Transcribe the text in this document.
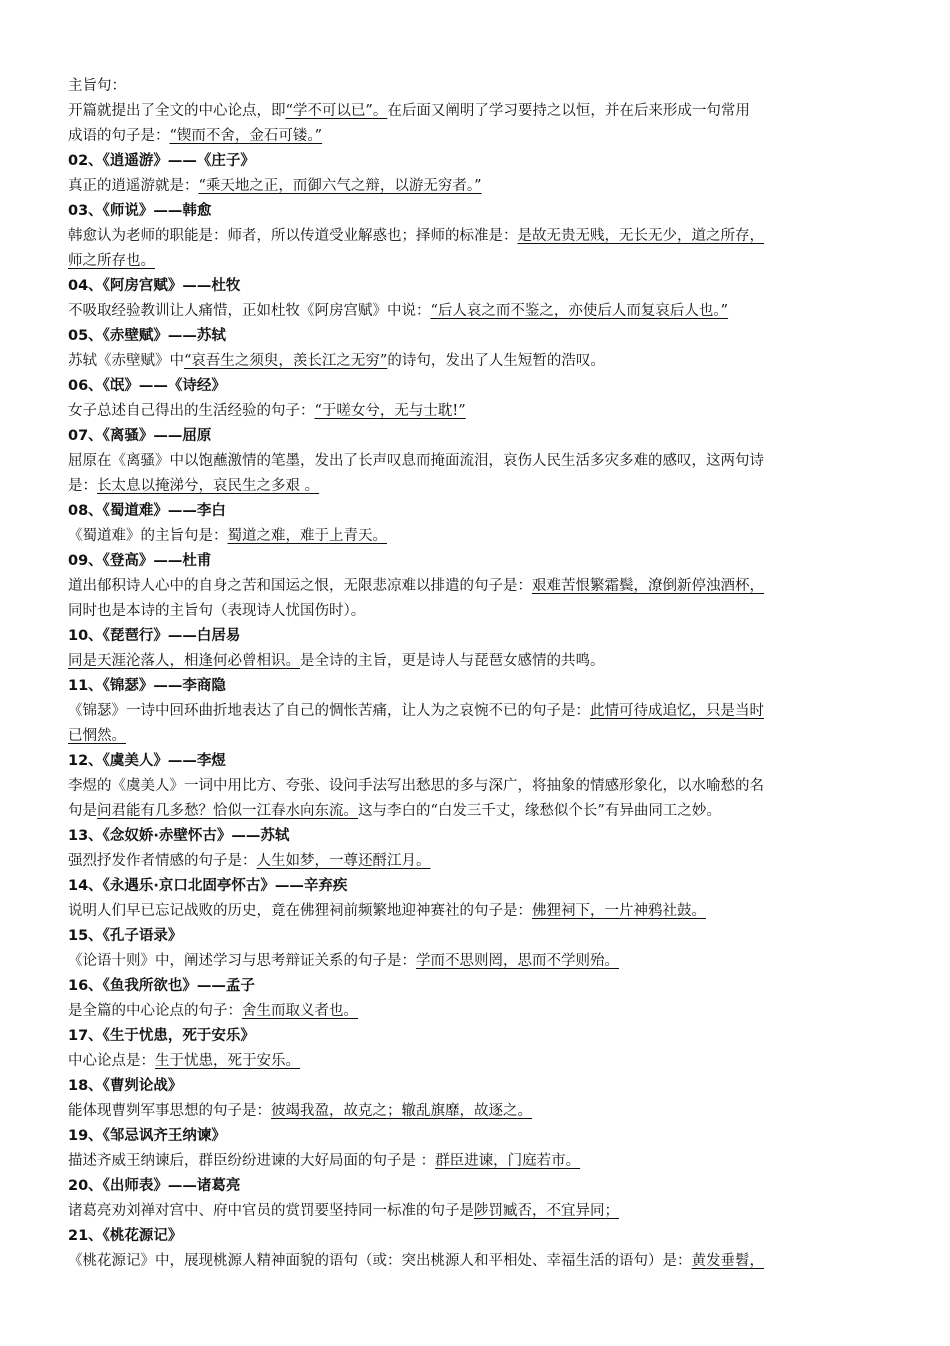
主旨句：
开篇就提出了全文的中心论点，即“学不可以已”。在后面又阐明了学习要持之以恒，并在后来形成一句常用
成语的句子是：“锲而不舍，金石可镂。”
02、《逍遥游》——《庄子》
真正的逍遥游就是：“乘天地之正，而御六气之辩，以游无穷者。”
03、《师说》——韩愈
韩愈认为老师的职能是：师者，所以传道受业解惑也；择师的标准是：是故无贵无贱，无长无少，道之所存，
师之所存也。
04、《阿房宫赋》——杜牧
不吸取经验教训让人痛惜，正如杜牧《阿房宫赋》中说：“后人哀之而不鉴之，亦使后人而复哀后人也。”
05、《赤壁赋》——苏轼
苏轼《赤壁赋》中“哀吾生之须臾，羡长江之无穷”的诗句，发出了人生短暂的浩叹。
06、《氓》——《诗经》
女子总述自己得出的生活经验的句子：“于嗟女兮，无与士耽!”
07、《离骚》——屈原
屈原在《离骚》中以饱蘸激情的笔墨，发出了长声叹息而掩面流泪，哀伤人民生活多灾多难的感叹，这两句诗
是：长太息以掩涕兮，哀民生之多艰 。
08、《蜀道难》——李白
《蜀道难》的主旨句是：蜀道之难，难于上青天。
09、《登高》——杜甫
道出郁积诗人心中的自身之苦和国运之恨，无限悲凉难以排遣的句子是：艰难苦恨繁霜鬓，潦倒新停浊酒杯，
同时也是本诗的主旨句（表现诗人忧国伤时）。
10、《琵琶行》——白居易
同是天涯沦落人，相逢何必曾相识。是全诗的主旨，更是诗人与琵琶女感情的共鸣。
11、《锦瑟》——李商隐
《锦瑟》一诗中回环曲折地表达了自己的惆怅苦痛，让人为之哀惋不已的句子是：此情可待成追忆，只是当时
已惘然。
12、《虞美人》——李煜
李煜的《虞美人》一词中用比方、夸张、设问手法写出愁思的多与深广，将抽象的情感形象化，以水喻愁的名
句是问君能有几多愁？恰似一江春水向东流。这与李白的“白发三千丈，缘愁似个长”有异曲同工之妙。
13、《念奴娇·赤壁怀古》——苏轼
强烈抒发作者情感的句子是：人生如梦，一尊还酹江月。
14、《永遇乐·京口北固亭怀古》——辛弃疾
说明人们早已忘记战败的历史，竟在佛狸祠前频繁地迎神赛社的句子是：佛狸祠下，一片神鸦社鼓。
15、《孔子语录》
《论语十则》中，阐述学习与思考辩证关系的句子是：学而不思则罔，思而不学则殆。
16、《鱼我所欲也》——孟子
是全篇的中心论点的句子：舍生而取义者也。
17、《生于忧患，死于安乐》
中心论点是：生于忧患，死于安乐。
18、《曹刿论战》
能体现曹刿军事思想的句子是：彼竭我盈，故克之；辙乱旗靡，故逐之。
19、《邹忌讽齐王纳谏》
描述齐威王纳谏后，群臣纷纷进谏的大好局面的句子是 ：群臣进谏，门庭若市。
20、《出师表》——诸葛亮
诸葛亮劝刘禅对宫中、府中官员的赏罚要坚持同一标准的句子是陟罚臧否，不宜异同；
21、《桃花源记》
《桃花源记》中，展现桃源人精神面貌的语句（或：突出桃源人和平相处、幸福生活的语句）是：黄发垂髫，
